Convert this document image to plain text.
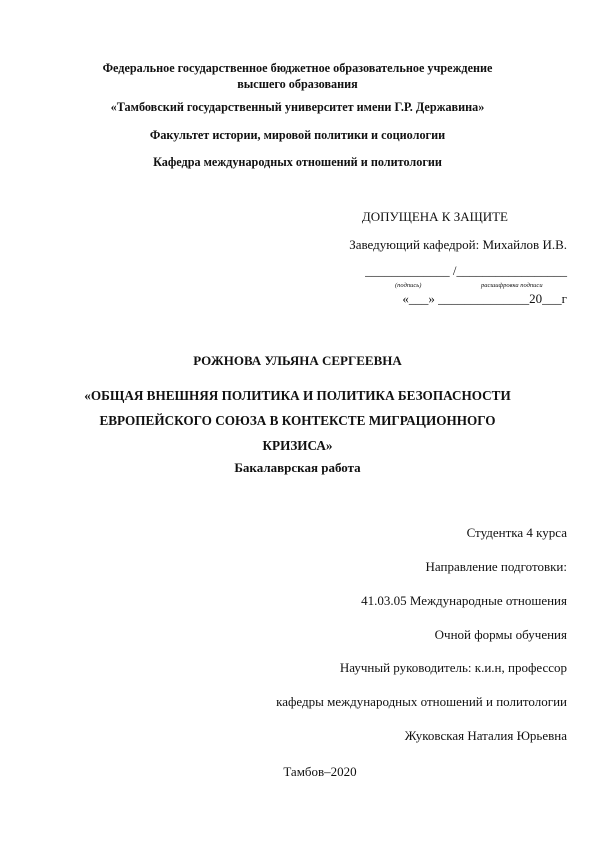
Федеральное государственное бюджетное образовательное учреждение
высшего образования
«Тамбовский государственный университет имени Г.Р. Державина»
Факультет истории, мировой политики и социологии
Кафедра международных отношений и политологии
ДОПУЩЕНА К ЗАЩИТЕ
Заведующий кафедрой: Михайлов И.В.
_____________ /_________________
(подпись)	расшифровка подписи
«___» ______________20___г
РОЖНОВА УЛЬЯНА СЕРГЕЕВНА
«ОБЩАЯ ВНЕШНЯЯ ПОЛИТИКА И ПОЛИТИКА БЕЗОПАСНОСТИ
ЕВРОПЕЙСКОГО СОЮЗА В КОНТЕКСТЕ МИГРАЦИОННОГО
КРИЗИСА»
Бакалаврская работа
Студентка 4 курса
Направление подготовки:
41.03.05 Международные отношения
Очной формы обучения
Научный руководитель: к.и.н, профессор
кафедры международных отношений и политологии
Жуковская Наталия Юрьевна
Тамбов–2020
